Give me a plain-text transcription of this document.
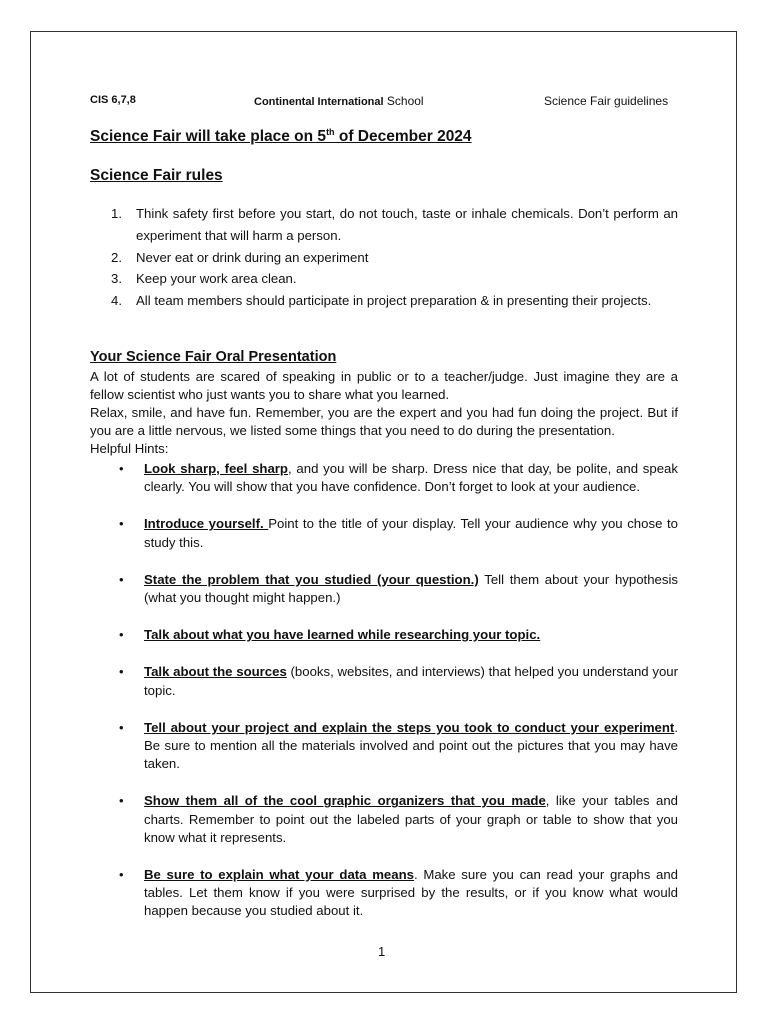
CIS 6,7,8	Continental International School	Science Fair guidelines
Science Fair will take place on 5th of December 2024
Science Fair rules
1. Think safety first before you start, do not touch, taste or inhale chemicals. Don’t perform an experiment that will harm a person.
2. Never eat or drink during an experiment
3. Keep your work area clean.
4. All team members should participate in project preparation & in presenting their projects.
Your Science Fair Oral Presentation

A lot of students are scared of speaking in public or to a teacher/judge. Just imagine they are a fellow scientist who just wants you to share what you learned.

Relax, smile, and have fun. Remember, you are the expert and you had fun doing the project. But if you are a little nervous, we listed some things that you need to do during the presentation.

Helpful Hints:

• Look sharp, feel sharp, and you will be sharp. Dress nice that day, be polite, and speak clearly. You will show that you have confidence. Don’t forget to look at your audience.
• Introduce yourself. Point to the title of your display. Tell your audience why you chose to study this.
• State the problem that you studied (your question.) Tell them about your hypothesis (what you thought might happen.)
• Talk about what you have learned while researching your topic.
• Talk about the sources (books, websites, and interviews) that helped you understand your topic.
• Tell about your project and explain the steps you took to conduct your experiment. Be sure to mention all the materials involved and point out the pictures that you may have taken.
• Show them all of the cool graphic organizers that you made, like your tables and charts. Remember to point out the labeled parts of your graph or table to show that you know what it represents.
• Be sure to explain what your data means. Make sure you can read your graphs and tables. Let them know if you were surprised by the results, or if you know what would happen because you studied about it.
1
